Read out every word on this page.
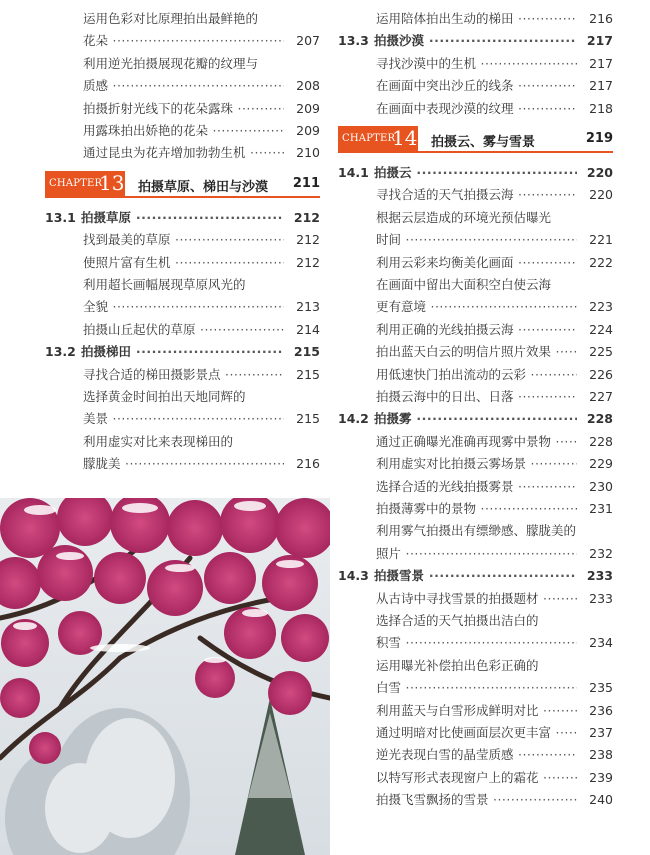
运用色彩对比原理拍出最鲜艳的
花朵 ·····	207
利用逆光拍摄展现花瓣的纹理与
质感 ·····	208
拍摄折射光线下的花朵露珠 ·····	209
用露珠拍出娇艳的花朵 ·····	209
通过昆虫为花卉增加勃勃生机 ·····	210
CHAPTER
13 拍摄草原、梯田与沙漠 211
13.1 拍摄草原 ·····	212
找到最美的草原 ·····	212
使照片富有生机 ·····	212
利用超长画幅展现草原风光的
全貌 ·····	213
拍摄山丘起伏的草原 ·····	214
13.2 拍摄梯田 ·····	215
寻找合适的梯田摄影景点 ·····	215
选择黄金时间拍出天地同辉的
美景 ·····	215
利用虚实对比来表现梯田的
朦胧美 ·····	216
运用陪体拍出生动的梯田 ·····	216
13.3 拍摄沙漠 ·····	217
寻找沙漠中的生机 ·····	217
在画面中突出沙丘的线条 ·····	217
在画面中表现沙漠的纹理 ·····	218
CHAPTER
14 拍摄云、雾与雪景	219
14.1 拍摄云 ·····	220
寻找合适的天气拍摄云海 ·····	220
根据云层造成的环境光预估曝光
时间 ·····	221
利用云彩来均衡美化画面 ·····	222
在画面中留出大面积空白使云海
更有意境 ·····	223
利用正确的光线拍摄云海 ·····	224
拍出蓝天白云的明信片照片效果 ·····	225
用低速快门拍出流动的云彩 ·····	226
拍摄云海中的日出、日落 ·····	227
14.2 拍摄雾 ·····	228
通过正确曝光准确再现雾中景物 ·····	228
利用虚实对比拍摄云雾场景 ·····	229
选择合适的光线拍摄雾景 ·····	230
拍摄薄雾中的景物 ·····	231
利用雾气拍摄出有缥缈感、朦胧美的
照片 ·····	232
14.3 拍摄雪景 ·····	233
从古诗中寻找雪景的拍摄题材 ·····	233
选择合适的天气拍摄出洁白的
积雪 ·····	234
运用曝光补偿拍出色彩正确的
白雪 ·····	235
利用蓝天与白雪形成鲜明对比 ·····	236
通过明暗对比使画面层次更丰富 ·····	237
逆光表现白雪的晶莹质感 ·····	238
以特写形式表现窗户上的霜花 ·····	239
拍摄飞雪飘扬的雪景 ·····	240
